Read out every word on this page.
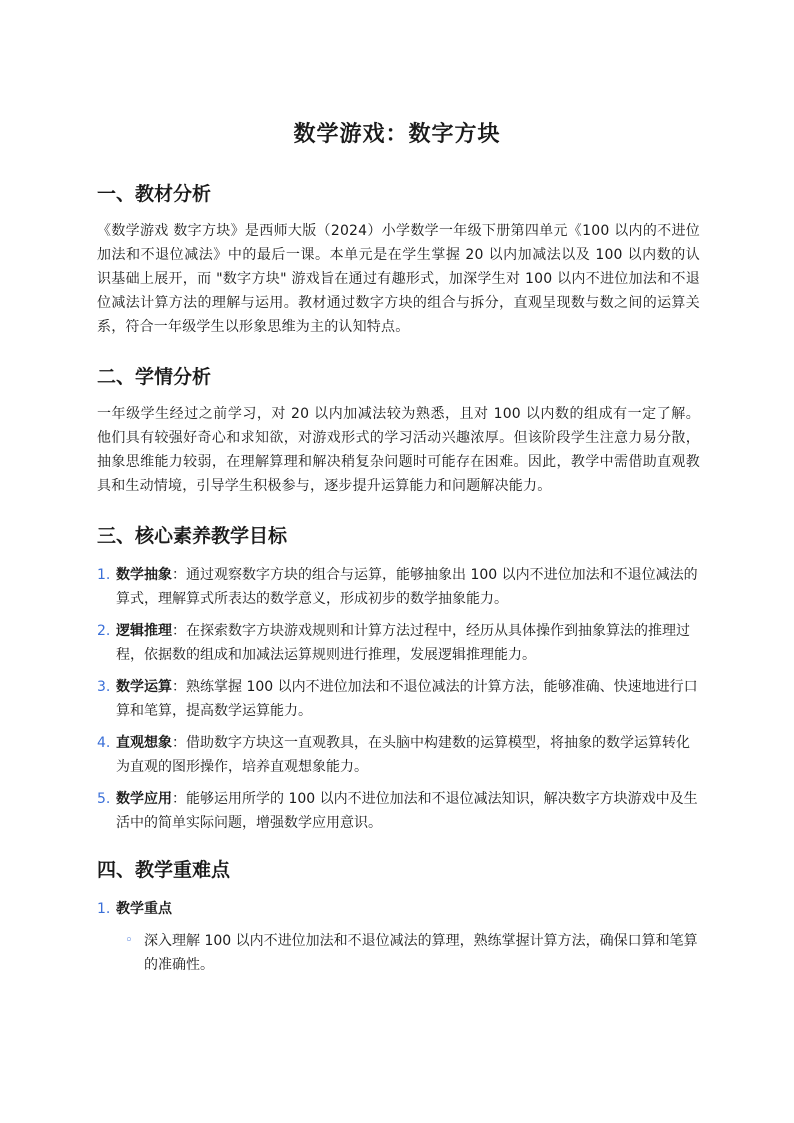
数学游戏：数字方块
一、教材分析

《数学游戏 数字方块》是西师大版（2024）小学数学一年级下册第四单元《100 以内的不进位加法和不退位减法》中的最后一课。本单元是在学生掌握 20 以内加减法以及 100 以内数的认识基础上展开，而 "数字方块" 游戏旨在通过有趣形式，加深学生对 100 以内不进位加法和不退位减法计算方法的理解与运用。教材通过数字方块的组合与拆分，直观呈现数与数之间的运算关系，符合一年级学生以形象思维为主的认知特点。

二、学情分析

一年级学生经过之前学习，对 20 以内加减法较为熟悉，且对 100 以内数的组成有一定了解。他们具有较强好奇心和求知欲，对游戏形式的学习活动兴趣浓厚。但该阶段学生注意力易分散，抽象思维能力较弱，在理解算理和解决稍复杂问题时可能存在困难。因此，教学中需借助直观教具和生动情境，引导学生积极参与，逐步提升运算能力和问题解决能力。

三、核心素养教学目标
1. 数学抽象：通过观察数字方块的组合与运算，能够抽象出 100 以内不进位加法和不退位减法的算式，理解算式所表达的数学意义，形成初步的数学抽象能力。
2. 逻辑推理：在探索数字方块游戏规则和计算方法过程中，经历从具体操作到抽象算法的推理过程，依据数的组成和加减法运算规则进行推理，发展逻辑推理能力。
3. 数学运算：熟练掌握 100 以内不进位加法和不退位减法的计算方法，能够准确、快速地进行口算和笔算，提高数学运算能力。
4. 直观想象：借助数字方块这一直观教具，在头脑中构建数的运算模型，将抽象的数学运算转化为直观的图形操作，培养直观想象能力。
5. 数学应用：能够运用所学的 100 以内不进位加法和不退位减法知识，解决数字方块游戏中及生活中的简单实际问题，增强数学应用意识。
四、教学重难点
1. 教学重点
◦ 深入理解 100 以内不进位加法和不退位减法的算理，熟练掌握计算方法，确保口算和笔算的准确性。
